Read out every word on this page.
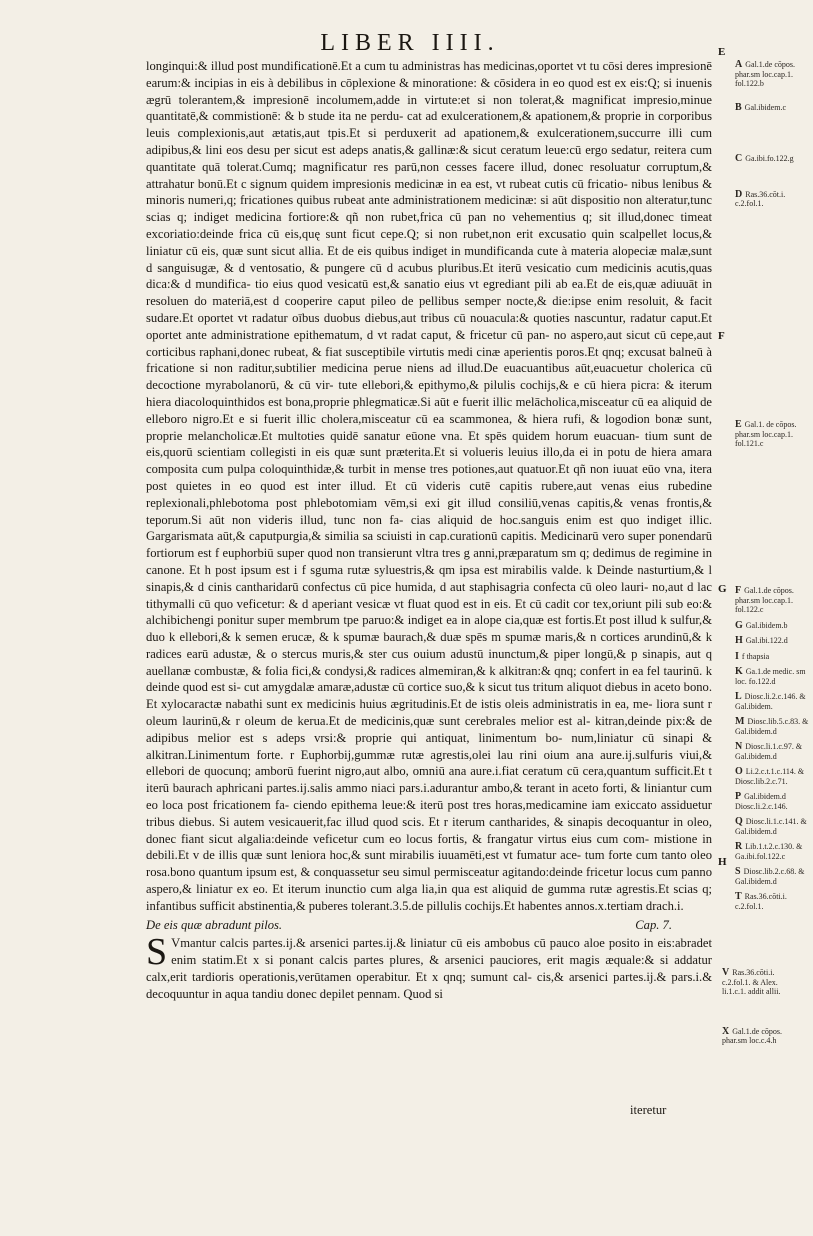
LIBER IIII.

longinqui:& illud post mundificationē.Et a cum tu administras has medicinas,oportet vt tu cōsi deres impresionē earum:& incipias in eis à debilibus in cōplexione & minoratione: & cōsidera in eo quod est ex eis:Q; si inuenis ægrū tolerantem,& impresionē incolumem,adde in virtute:et si non tolerat,& magnificat impresio,minue quantitatē,& commistionē: & b stude ita ne perdu- cat ad exulcerationem,& apationem,& proprie in corporibus leuis complexionis,aut ætatis,aut tpis.Et si perduxerit ad apationem,& exulcerationem,succurre illi cum adipibus,& lini eos desu per sicut est adeps anatis,& gallinæ:& sicut ceratum leue:cū ergo sedatur, reitera cum quantitate quā tolerat.Cumq; magnificatur res parū,non cesses facere illud, donec resoluatur corruptum,& attrahatur bonū.Et c signum quidem impresionis medicinæ in ea est, vt rubeat cutis cū fricatio- nibus lenibus & minoris numeri,q; fricationes quibus rubeat ante administrationem medicinæ: si aūt dispositio non alteratur,tunc scias q; indiget medicina fortiore:& qñ non rubet,frica cū pan no vehementius q; sit illud,donec timeat excoriatio:deinde frica cū eis,quę sunt ficut cepe.Q; si non rubet,non erit excusatio quin scalpellet locus,& liniatur cū eis, quæ sunt sicut allia. Et de eis quibus indiget in mundificanda cute à materia alopeciæ malæ,sunt d sanguisugæ, & d ventosatio, & pungere cū d acubus pluribus.Et iterū vesicatio cum medicinis acutis,quas dica:& d mundifica- tio eius quod vesicatū est,& sanatio eius vt egrediant pili ab ea.Et de eis,quæ adiuuāt in resoluen do materiā,est d cooperire caput pileo de pellibus semper nocte,& die:ipse enim resoluit, & facit sudare.Et oportet vt radatur oībus duobus diebus,aut tribus cū nouacula:& quoties nascuntur, radatur caput.Et oportet ante administratione epithematum, d vt radat caput, & fricetur cū pan- no aspero,aut sicut cū cepe,aut corticibus raphani,donec rubeat, & fiat susceptibile virtutis medi cinæ aperientis poros.Et qnq; excusat balneū à fricatione si non raditur,subtilier medicina perue niens ad illud.De euacuantibus aūt,euacuetur cholerica cū decoctione myrabolanorū, & cū vir- tute ellebori,& epithymo,& pilulis cochijs,& e cū hiera picra: & iterum hiera diacoloquinthidos est bona,proprie phlegmaticæ.Si aūt e fuerit illic melācholica,misceatur cū ea aliquid de elleboro nigro.Et e si fuerit illic cholera,misceatur cū ea scammonea, & hiera rufi, & logodion bonæ sunt, proprie melancholicæ.Et multoties quidē sanatur eūone vna. Et spēs quidem horum euacuan- tium sunt de eis,quorū scientiam collegisti in eis quæ sunt præterita.Et si volueris leuius illo,da ei in potu de hiera amara composita cum pulpa coloquinthidæ,& turbit in mense tres potiones,aut quatuor.Et qñ non iuuat eūo vna, itera post quietes in eo quod est inter illud. Et cū videris cutē capitis rubere,aut venas eius rubedine replexionali,phlebotoma post phlebotomiam vēm,si exi git illud consiliū,venas capitis,& venas frontis,& teporum.Si aūt non videris illud, tunc non fa- cias aliquid de hoc.sanguis enim est quo indiget illic. Gargarismata aūt,& caputpurgia,& similia sa sciuisti in cap.curationū capitis. Medicinarū vero super ponendarū fortiorum est f euphorbiū super quod non transierunt vltra tres g anni,præparatum sm q; dedimus de regimine in canone. Et h post ipsum est i f sguma rutæ syluestris,& qm ipsa est mirabilis valde. k Deinde nasturtium,& l sinapis,& d cinis cantharidarū confectus cū pice humida, d aut staphisagria confecta cū oleo lauri- no,aut d lac tithymalli cū quo veficetur: & d aperiant vesicæ vt fluat quod est in eis. Et cū cadit cor tex,oriunt pili sub eo:& alchibichengi ponitur super membrum tpe paruo:& indiget ea in alope cia,quæ est fortis.Et post illud k sulfur,& duo k ellebori,& k semen erucæ, & k spumæ baurach,& duæ spēs m spumæ maris,& n cortices arundinū,& k radices earū adustæ, & o stercus muris,& ster cus ouium adustū inunctum,& piper longū,& p sinapis, aut q auellanæ combustæ, & folia fici,& condysi,& radices almemiran,& k alkitran:& qnq; confert in ea fel taurinū. k deinde quod est si- cut amygdalæ amaræ,adustæ cū cortice suo,& k sicut tus tritum aliquot diebus in aceto bono. Et xylocaractæ nabathi sunt ex medicinis huius ægritudinis.Et de istis oleis administratis in ea, me- liora sunt r oleum laurinū,& r oleum de kerua.Et de medicinis,quæ sunt cerebrales melior est al- kitran,deinde pix:& de adipibus melior est s adeps vrsi:& proprie qui antiquat, linimentum bo- num,liniatur cū sinapi & alkitran.Linimentum forte. r Euphorbij,gummæ rutæ agrestis,olei lau rini oium ana aure.ij.sulfuris viui,& ellebori de quocunq; amborū fuerint nigro,aut albo, omniū ana aure.i.fiat ceratum cū cera,quantum sufficit.Et t iterū baurach aphricani partes.ij.salis ammo niaci pars.i.adurantur ambo,& terant in aceto forti, & liniantur cum eo loca post fricationem fa- ciendo epithema leue:& iterū post tres horas,medicamine iam exiccato assiduetur tribus diebus. Si autem vesicauerit,fac illud quod scis. Et r iterum cantharides, & sinapis decoquantur in oleo, donec fiant sicut algalia:deinde veficetur cum eo locus fortis, & frangatur virtus eius cum com- mistione in debili.Et v de illis quæ sunt leniora hoc,& sunt mirabilis iuuamēti,est vt fumatur ace- tum forte cum tanto oleo rosa.bono quantum ipsum est, & conquassetur seu simul permisceatur agitando:deinde fricetur locus cum panno aspero,& liniatur ex eo. Et iterum inunctio cum alga lia,in qua est aliquid de gumma rutæ agrestis.Et scias q; infantibus sufficit abstinentia,& puberes tolerant.3.5.de pillulis cochijs.Et habentes annos.x.tertiam drach.i.

De eis quæ abradunt pilos.	Cap. 7.

S Vmantur calcis partes.ij.& arsenici partes.ij.& liniatur cū eis ambobus cū pauco aloe posito in eis:abradet enim statim.Et x si ponant calcis partes plures, & arsenici pauciores, erit magis æquale:& si addatur calx,erit tardioris operationis,verūtamen operabitur. Et x qnq; sumunt cal- cis,& arsenici partes.ij.& pars.i.& decoquuntur in aqua tandiu donec depilet pennam. Quod si

iteretur
E
F
G
H
A Gal.1.de cōpos. phar.sm loc.cap.1. fol.122.b
B Gal.ibidem.c
C Ga.ibi.fo.122.g
D Ras.36.cōt.i. c.2.fol.1.
E Gal.1. de cōpos. phar.sm loc.cap.1. fol.121.c
F Gal.1.de cōpos. phar.sm loc.cap.1. fol.122.c
G Gal.ibidem.b
H Gal.ibi.122.d
I f thapsia
K Ga.1.de medic. sm loc. fo.122.d
L Diosc.li.2.c.146. & Gal.ibidem.
M Diosc.lib.5.c.83. & Gal.ibidem.d
N Diosc.li.1.c.97. & Gal.ibidem.d
O Li.2.c.t.1.c.114. & Diosc.lib.2.c.71.
P Gal.ibidem.d Diosc.li.2.c.146.
Q Diosc.li.1.c.141. & Gal.ibidem.d
R Lib.1.t.2.c.130. & Ga.ibi.fol.122.c
S Diosc.lib.2.c.68. & Gal.ibidem.d
T Ras.36.cōti.i. c.2.fol.1.
V Ras.36.cōti.i. c.2.fol.1. & Alex. li.1.c.1. addit allii.
X Gal.1.de cōpos. phar.sm loc.c.4.h
